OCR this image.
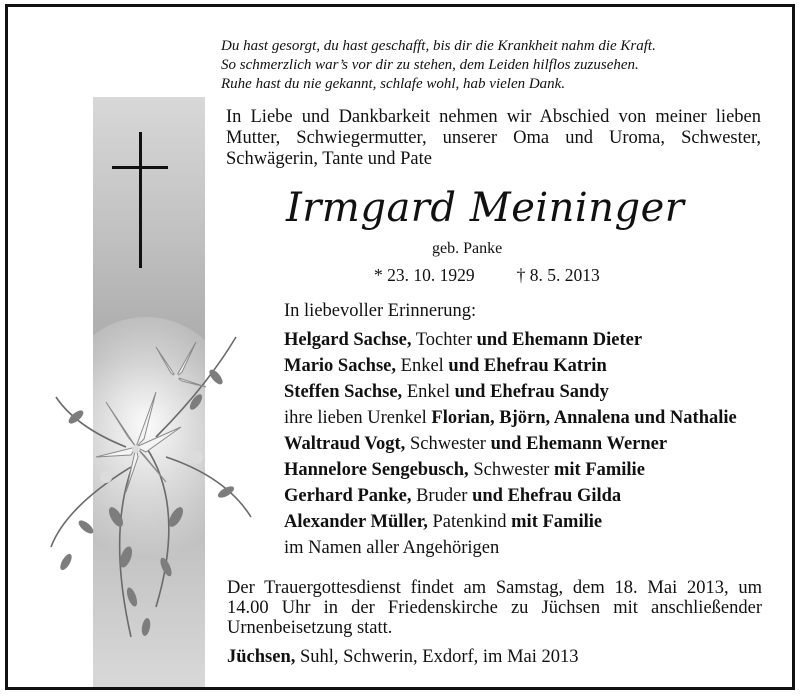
Du hast gesorgt, du hast geschafft, bis dir die Krankheit nahm die Kraft.
So schmerzlich war’s vor dir zu stehen, dem Leiden hilflos zuzusehen.
Ruhe hast du nie gekannt, schlafe wohl, hab vielen Dank.
In Liebe und Dankbarkeit nehmen wir Abschied von meiner lieben Mutter, Schwiegermutter, unserer Oma und Uroma, Schwester, Schwägerin, Tante und Pate
Irmgard Meininger
geb. Panke
* 23. 10. 1929 † 8. 5. 2013
In liebevoller Erinnerung:
Helgard Sachse, Tochter und Ehemann Dieter
Mario Sachse, Enkel und Ehefrau Katrin
Steffen Sachse, Enkel und Ehefrau Sandy
ihre lieben Urenkel Florian, Björn, Annalena und Nathalie
Waltraud Vogt, Schwester und Ehemann Werner
Hannelore Sengebusch, Schwester mit Familie
Gerhard Panke, Bruder und Ehefrau Gilda
Alexander Müller, Patenkind mit Familie
im Namen aller Angehörigen
Der Trauergottesdienst findet am Samstag, dem 18. Mai 2013, um 14.00 Uhr in der Friedenskirche zu Jüchsen mit anschließender Urnenbeisetzung statt.
Jüchsen, Suhl, Schwerin, Exdorf, im Mai 2013
